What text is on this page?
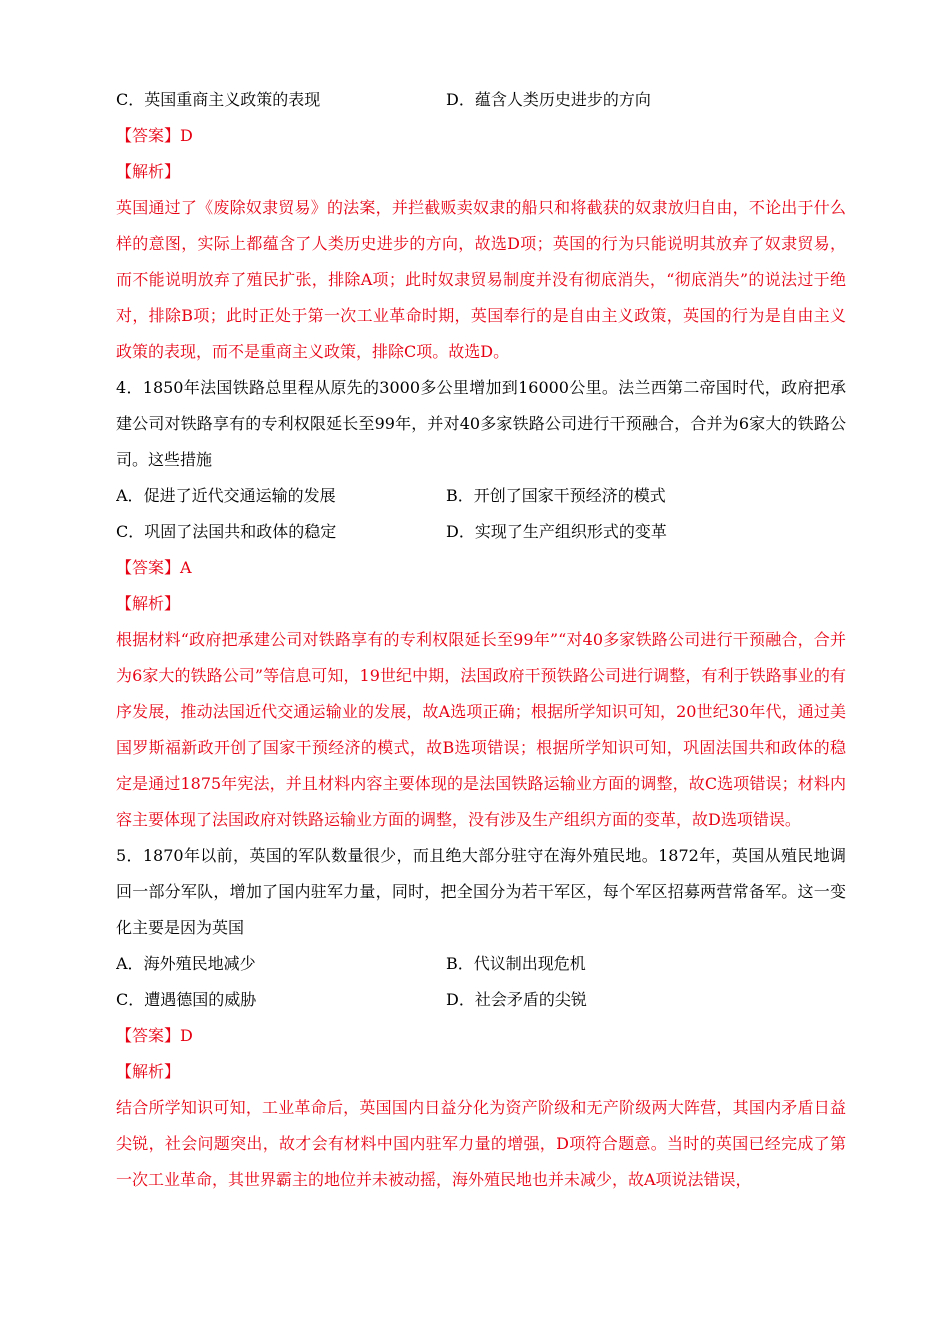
C．英国重商主义政策的表现	D．蕴含人类历史进步的方向
【答案】D
【解析】
英国通过了《废除奴隶贸易》的法案，并拦截贩卖奴隶的船只和将截获的奴隶放归自由，不论出于什么样的意图，实际上都蕴含了人类历史进步的方向，故选D项；英国的行为只能说明其放弃了奴隶贸易，而不能说明放弃了殖民扩张，排除A项；此时奴隶贸易制度并没有彻底消失，“彻底消失”的说法过于绝对，排除B项；此时正处于第一次工业革命时期，英国奉行的是自由主义政策，英国的行为是自由主义政策的表现，而不是重商主义政策，排除C项。故选D。
4．1850年法国铁路总里程从原先的3000多公里增加到16000公里。法兰西第二帝国时代，政府把承建公司对铁路享有的专利权限延长至99年，并对40多家铁路公司进行干预融合，合并为6家大的铁路公司。这些措施
A．促进了近代交通运输的发展	B．开创了国家干预经济的模式
C．巩固了法国共和政体的稳定	D．实现了生产组织形式的变革
【答案】A
【解析】
根据材料“政府把承建公司对铁路享有的专利权限延长至99年”“对40多家铁路公司进行干预融合，合并为6家大的铁路公司”等信息可知，19世纪中期，法国政府干预铁路公司进行调整，有利于铁路事业的有序发展，推动法国近代交通运输业的发展，故A选项正确；根据所学知识可知，20世纪30年代，通过美国罗斯福新政开创了国家干预经济的模式，故B选项错误；根据所学知识可知，巩固法国共和政体的稳定是通过1875年宪法，并且材料内容主要体现的是法国铁路运输业方面的调整，故C选项错误；材料内容主要体现了法国政府对铁路运输业方面的调整，没有涉及生产组织方面的变革，故D选项错误。
5．1870年以前，英国的军队数量很少，而且绝大部分驻守在海外殖民地。1872年，英国从殖民地调回一部分军队，增加了国内驻军力量，同时，把全国分为若干军区，每个军区招募两营常备军。这一变化主要是因为英国
A．海外殖民地减少	B．代议制出现危机
C．遭遇德国的威胁	D．社会矛盾的尖锐
【答案】D
【解析】
结合所学知识可知，工业革命后，英国国内日益分化为资产阶级和无产阶级两大阵营，其国内矛盾日益尖锐，社会问题突出，故才会有材料中国内驻军力量的增强，D项符合题意。当时的英国已经完成了第一次工业革命，其世界霸主的地位并未被动摇，海外殖民地也并未减少，故A项说法错误，
